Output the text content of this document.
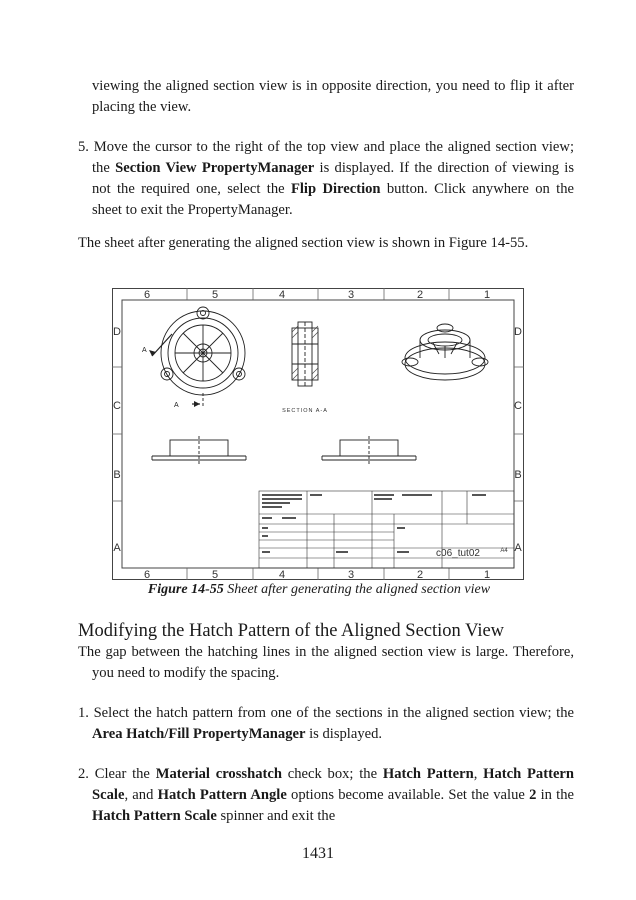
viewing the aligned section view is in opposite direction, you need to flip it after placing the view.
5. Move the cursor to the right of the top view and place the aligned section view; the Section View PropertyManager is displayed. If the direction of viewing is not the required one, select the Flip Direction button. Click anywhere on the sheet to exit the PropertyManager.
The sheet after generating the aligned section view is shown in Figure 14-55.
6	5	4	3	2	1
6	5	4	3	2	1
D
C
B
A
D
C
B
A
A
A
SECTION A-A
c06_tut02	A4
Figure 14-55 Sheet after generating the aligned section view
Modifying the Hatch Pattern of the Aligned Section View
The gap between the hatching lines in the aligned section view is large. Therefore, you need to modify the spacing.
1. Select the hatch pattern from one of the sections in the aligned section view; the Area Hatch/Fill PropertyManager is displayed.
2. Clear the Material crosshatch check box; the Hatch Pattern, Hatch Pattern Scale, and Hatch Pattern Angle options become available. Set the value 2 in the Hatch Pattern Scale spinner and exit the
1431
